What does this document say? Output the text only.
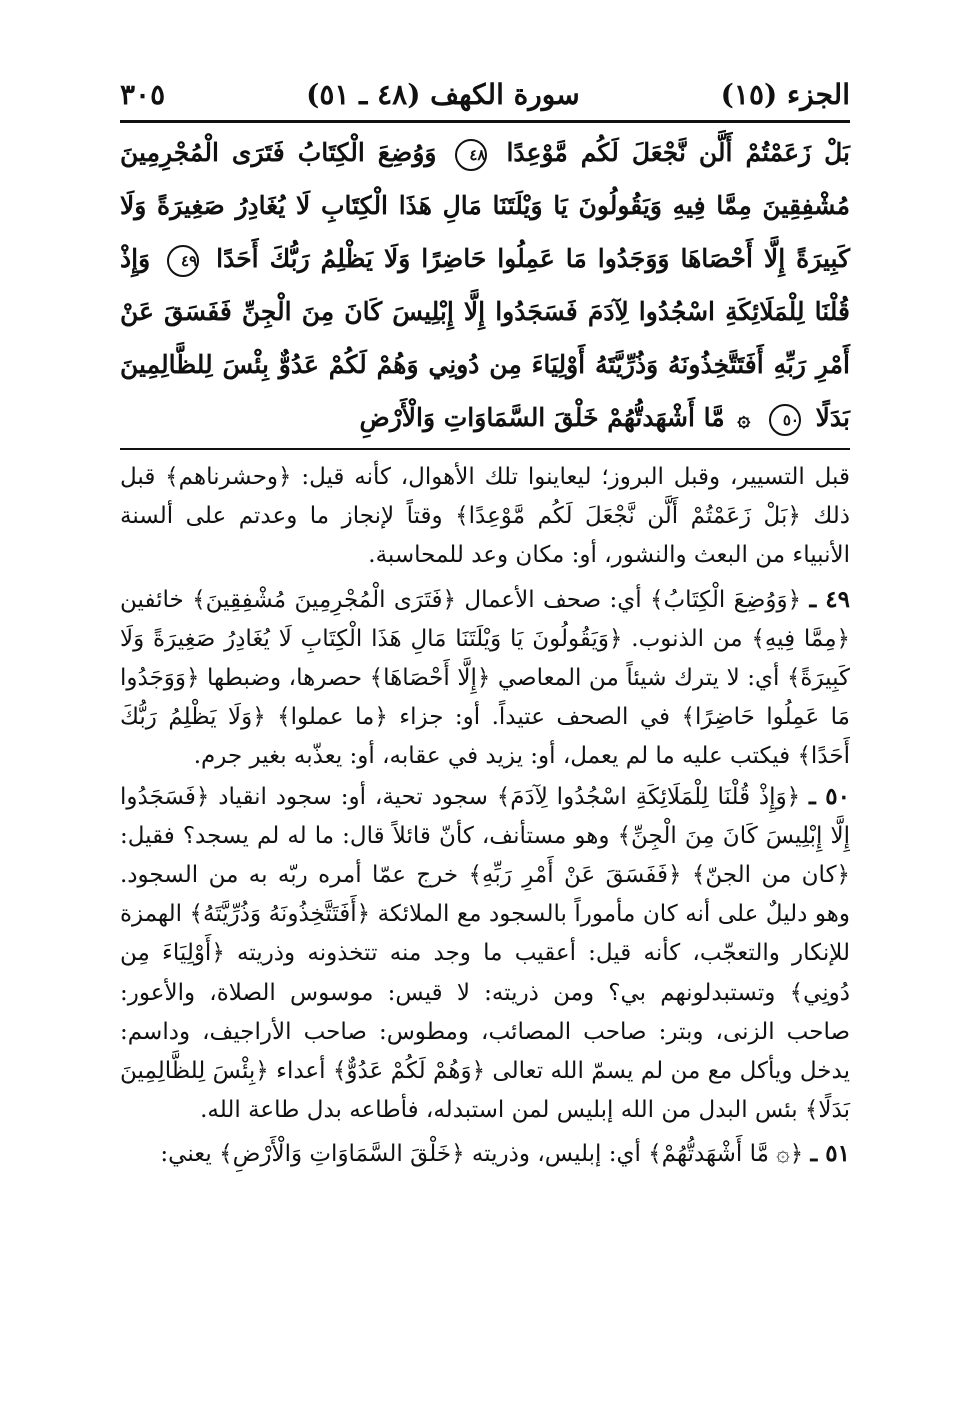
الجزء (١٥)
سورة الكهف (٤٨ ـ ٥١)
٣٠٥
بَلْ زَعَمْتُمْ أَلَّن نَّجْعَلَ لَكُم مَّوْعِدًا ٤٨ وَوُضِعَ الْكِتَابُ فَتَرَى الْمُجْرِمِينَ مُشْفِقِينَ مِمَّا فِيهِ وَيَقُولُونَ يَا وَيْلَتَنَا مَالِ هَذَا الْكِتَابِ لَا يُغَادِرُ صَغِيرَةً وَلَا كَبِيرَةً إِلَّا أَحْصَاهَا وَوَجَدُوا مَا عَمِلُوا حَاضِرًا وَلَا يَظْلِمُ رَبُّكَ أَحَدًا ٤٩ وَإِذْ قُلْنَا لِلْمَلَائِكَةِ اسْجُدُوا لِآدَمَ فَسَجَدُوا إِلَّا إِبْلِيسَ كَانَ مِنَ الْجِنِّ فَفَسَقَ عَنْ أَمْرِ رَبِّهِ أَفَتَتَّخِذُونَهُ وَذُرِّيَّتَهُ أَوْلِيَاءَ مِن دُونِي وَهُمْ لَكُمْ عَدُوٌّ بِئْسَ لِلظَّالِمِينَ بَدَلًا ٥٠ ۞ مَّا أَشْهَدتُّهُمْ خَلْقَ السَّمَاوَاتِ وَالْأَرْضِ

قبل التسيير، وقبل البروز؛ ليعاينوا تلك الأهوال، كأنه قيل: ﴿وحشرناهم﴾ قبل ذلك ﴿بَلْ زَعَمْتُمْ أَلَّن نَّجْعَلَ لَكُم مَّوْعِدًا﴾ وقتاً لإنجاز ما وعدتم على ألسنة الأنبياء من البعث والنشور، أو: مكان وعد للمحاسبة.

٤٩ ـ ﴿وَوُضِعَ الْكِتَابُ﴾ أي: صحف الأعمال ﴿فَتَرَى الْمُجْرِمِينَ مُشْفِقِينَ﴾ خائفين ﴿مِمَّا فِيهِ﴾ من الذنوب. ﴿وَيَقُولُونَ يَا وَيْلَتَنَا مَالِ هَذَا الْكِتَابِ لَا يُغَادِرُ صَغِيرَةً وَلَا كَبِيرَةً﴾ أي: لا يترك شيئاً من المعاصي ﴿إِلَّا أَحْصَاهَا﴾ حصرها، وضبطها ﴿وَوَجَدُوا مَا عَمِلُوا حَاضِرًا﴾ في الصحف عتيداً. أو: جزاء ﴿ما عملوا﴾ ﴿وَلَا يَظْلِمُ رَبُّكَ أَحَدًا﴾ فيكتب عليه ما لم يعمل، أو: يزيد في عقابه، أو: يعذّبه بغير جرم.

٥٠ ـ ﴿وَإِذْ قُلْنَا لِلْمَلَائِكَةِ اسْجُدُوا لِآدَمَ﴾ سجود تحية، أو: سجود انقياد ﴿فَسَجَدُوا إِلَّا إِبْلِيسَ كَانَ مِنَ الْجِنِّ﴾ وهو مستأنف، كأنّ قائلاً قال: ما له لم يسجد؟ فقيل: ﴿كان من الجنّ﴾ ﴿فَفَسَقَ عَنْ أَمْرِ رَبِّهِ﴾ خرج عمّا أمره ربّه به من السجود. وهو دليلٌ على أنه كان مأموراً بالسجود مع الملائكة ﴿أَفَتَتَّخِذُونَهُ وَذُرِّيَّتَهُ﴾ الهمزة للإنكار والتعجّب، كأنه قيل: أعقيب ما وجد منه تتخذونه وذريته ﴿أَوْلِيَاءَ مِن دُونِي﴾ وتستبدلونهم بي؟ ومن ذريته: لا قيس: موسوس الصلاة، والأعور: صاحب الزنى، وبتر: صاحب المصائب، ومطوس: صاحب الأراجيف، وداسم: يدخل ويأكل مع من لم يسمّ الله تعالى ﴿وَهُمْ لَكُمْ عَدُوٌّ﴾ أعداء ﴿بِئْسَ لِلظَّالِمِينَ بَدَلًا﴾ بئس البدل من الله إبليس لمن استبدله، فأطاعه بدل طاعة الله.

٥١ ـ ﴿۞ مَّا أَشْهَدتُّهُمْ﴾ أي: إبليس، وذريته ﴿خَلْقَ السَّمَاوَاتِ وَالْأَرْضِ﴾ يعني:
